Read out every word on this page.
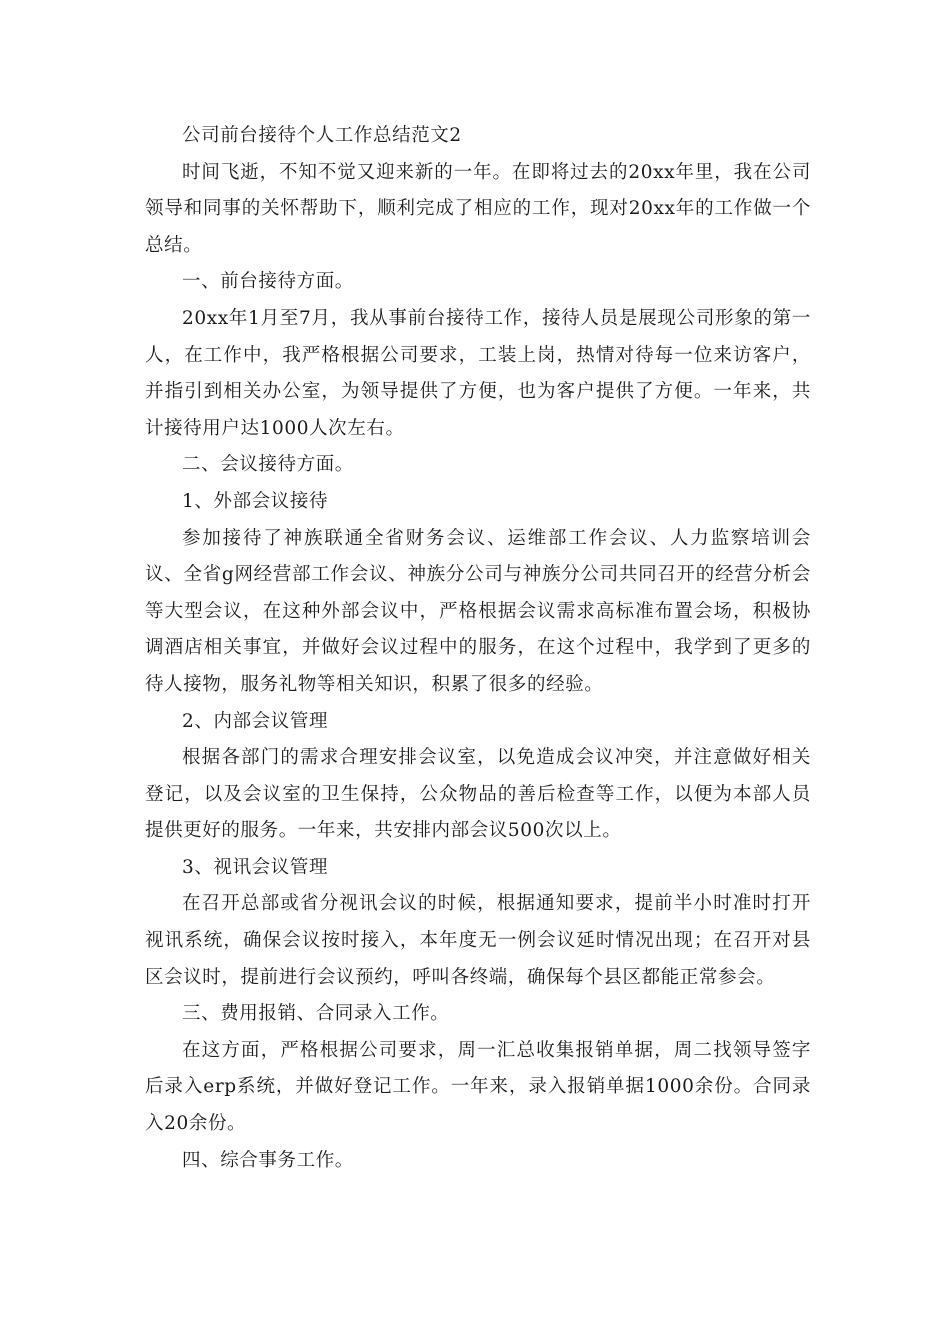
公司前台接待个人工作总结范文2

时间飞逝，不知不觉又迎来新的一年。在即将过去的20xx年里，我在公司领导和同事的关怀帮助下，顺利完成了相应的工作，现对20xx年的工作做一个总结。

一、前台接待方面。

20xx年1月至7月，我从事前台接待工作，接待人员是展现公司形象的第一人，在工作中，我严格根据公司要求，工装上岗，热情对待每一位来访客户，并指引到相关办公室，为领导提供了方便，也为客户提供了方便。一年来，共计接待用户达1000人次左右。

二、会议接待方面。

1、外部会议接待

参加接待了神族联通全省财务会议、运维部工作会议、人力监察培训会议、全省g网经营部工作会议、神族分公司与神族分公司共同召开的经营分析会等大型会议，在这种外部会议中，严格根据会议需求高标准布置会场，积极协调酒店相关事宜，并做好会议过程中的服务，在这个过程中，我学到了更多的待人接物，服务礼物等相关知识，积累了很多的经验。

2、内部会议管理

根据各部门的需求合理安排会议室，以免造成会议冲突，并注意做好相关登记，以及会议室的卫生保持，公众物品的善后检查等工作，以便为本部人员提供更好的服务。一年来，共安排内部会议500次以上。

3、视讯会议管理

在召开总部或省分视讯会议的时候，根据通知要求，提前半小时准时打开视讯系统，确保会议按时接入，本年度无一例会议延时情况出现；在召开对县区会议时，提前进行会议预约，呼叫各终端，确保每个县区都能正常参会。

三、费用报销、合同录入工作。

在这方面，严格根据公司要求，周一汇总收集报销单据，周二找领导签字后录入erp系统，并做好登记工作。一年来，录入报销单据1000余份。合同录入20余份。

四、综合事务工作。
